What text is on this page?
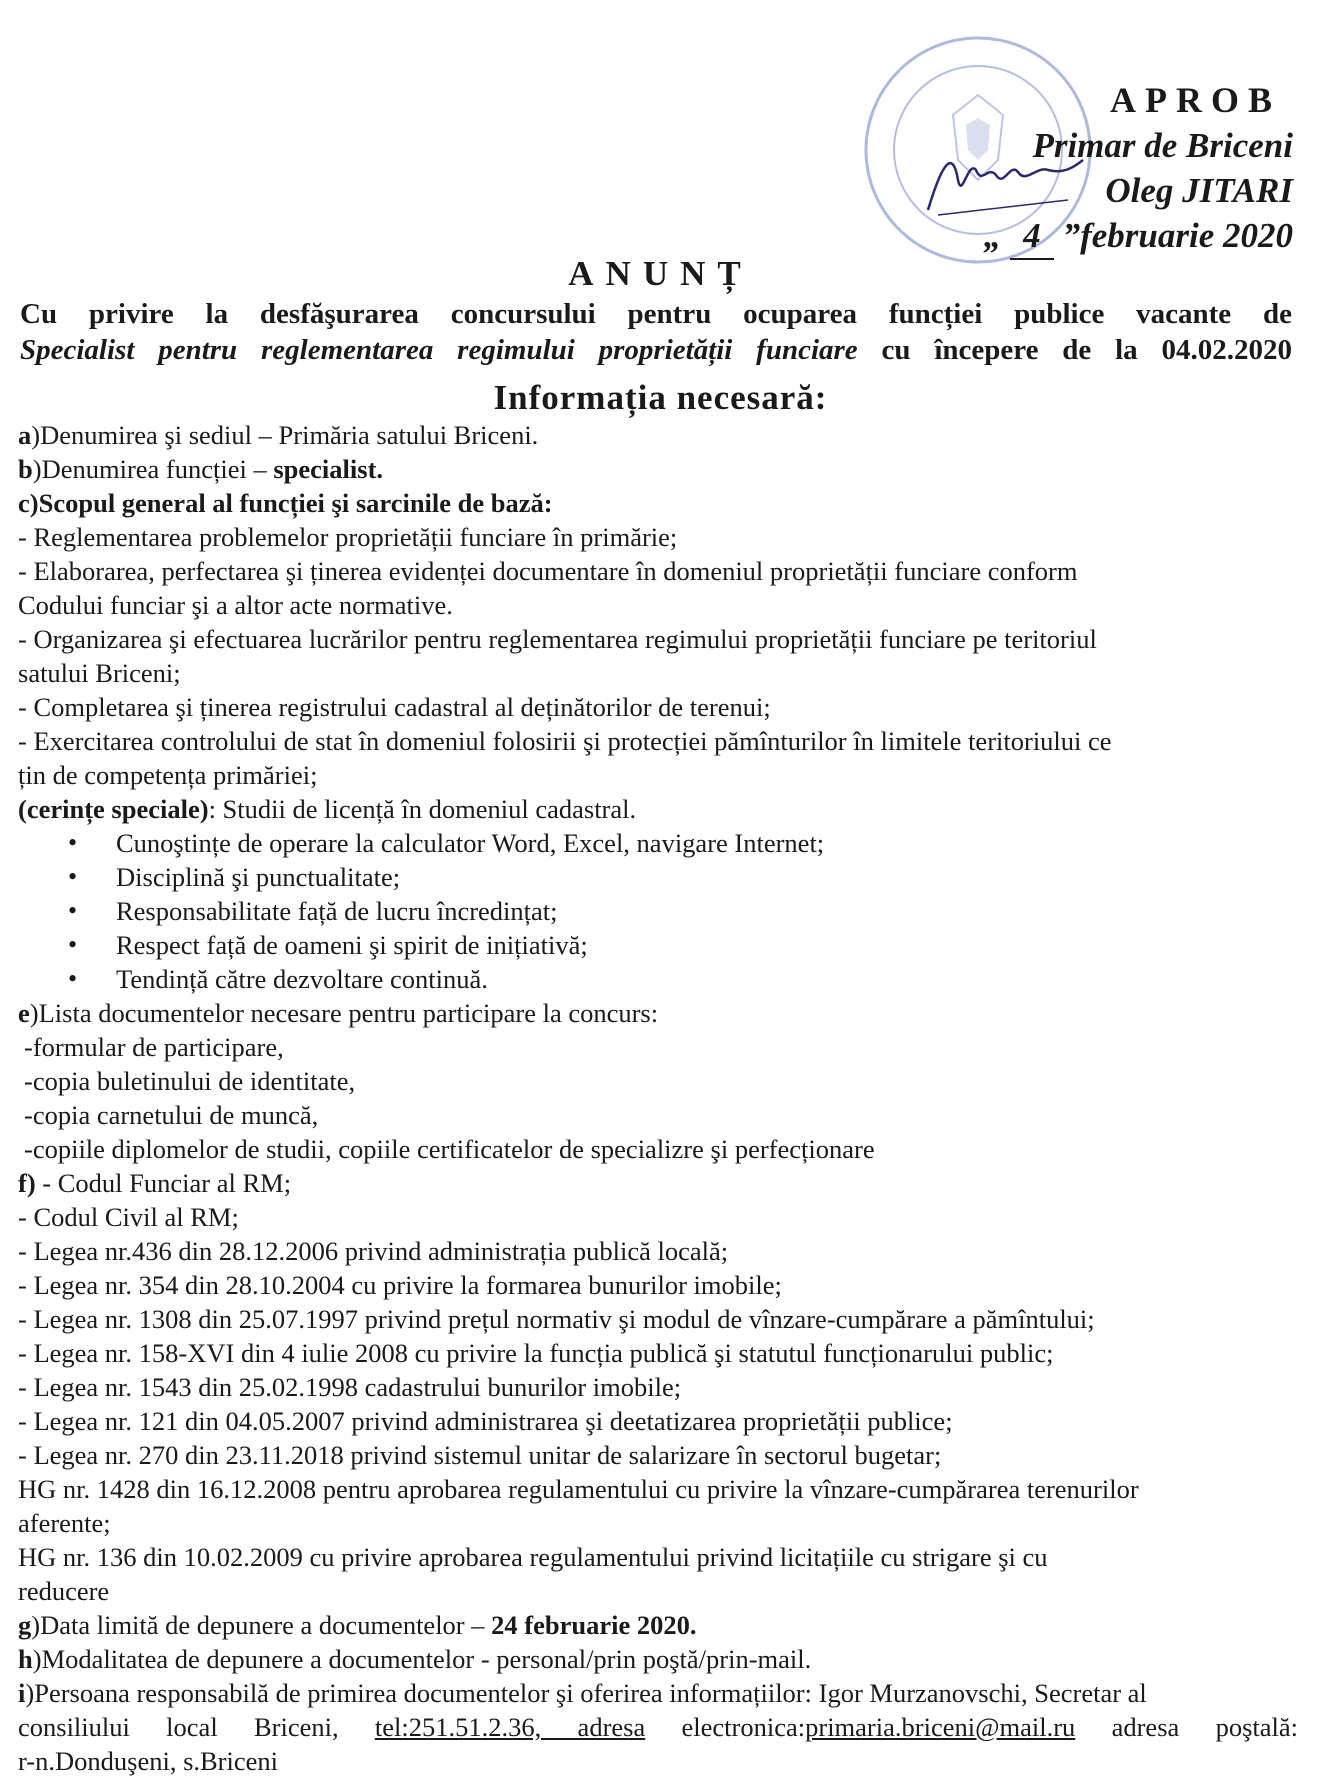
APROB
Primar de Briceni
Oleg JITARI
„ 4 ”februarie 2020
ANUNȚ
Cu privire la desfăşurarea concursului pentru ocuparea funcției publice vacante de
Specialist pentru reglementarea regimului proprietății funciare cu începere de la 04.02.2020
Informația necesară:

a)Denumirea şi sediul – Primăria satului Briceni.

b)Denumirea funcției – specialist.

c)Scopul general al funcției şi sarcinile de bază:

- Reglementarea problemelor proprietății funciare în primărie;

- Elaborarea, perfectarea şi ținerea evidenței documentare în domeniul proprietății funciare conform

Codului funciar şi a altor acte normative.

- Organizarea şi efectuarea lucrărilor pentru reglementarea regimului proprietății funciare pe teritoriul

satului Briceni;

- Completarea şi ținerea registrului cadastral al deținătorilor de terenui;

- Exercitarea controlului de stat în domeniul folosirii şi protecției pămînturilor în limitele teritoriului ce

țin de competența primăriei;

(cerințe speciale): Studii de licență în domeniul cadastral.

• Cunoştințe de operare la calculator Word, Excel, navigare Internet;
• Disciplină şi punctualitate;
• Responsabilitate față de lucru încredințat;
• Respect față de oameni şi spirit de inițiativă;
• Tendință către dezvoltare continuă.

e)Lista documentelor necesare pentru participare la concurs:

-formular de participare,

-copia buletinului de identitate,

-copia carnetului de muncă,

-copiile diplomelor de studii, copiile certificatelor de specializre şi perfecționare

f) - Codul Funciar al RM;

- Codul Civil al RM;

- Legea nr.436 din 28.12.2006 privind administrația publică locală;

- Legea nr. 354 din 28.10.2004 cu privire la formarea bunurilor imobile;

- Legea nr. 1308 din 25.07.1997 privind prețul normativ şi modul de vînzare-cumpărare a pămîntului;

- Legea nr. 158-XVI din 4 iulie 2008 cu privire la funcția publică şi statutul funcționarului public;

- Legea nr. 1543 din 25.02.1998 cadastrului bunurilor imobile;

- Legea nr. 121 din 04.05.2007 privind administrarea şi deetatizarea proprietății publice;

- Legea nr. 270 din 23.11.2018 privind sistemul unitar de salarizare în sectorul bugetar;

HG nr. 1428 din 16.12.2008 pentru aprobarea regulamentului cu privire la vînzare-cumpărarea terenurilor

aferente;

HG nr. 136 din 10.02.2009 cu privire aprobarea regulamentului privind licitațiile cu strigare şi cu

reducere

g)Data limită de depunere a documentelor – 24 februarie 2020.

h)Modalitatea de depunere a documentelor - personal/prin poştă/prin-mail.

i)Persoana responsabilă de primirea documentelor şi oferirea informațiilor: Igor Murzanovschi, Secretar al

consiliului local Briceni, tel:251.51.2.36, adresa electronica:primaria.briceni@mail.ru adresa poştală:

r-n.Donduşeni, s.Briceni
